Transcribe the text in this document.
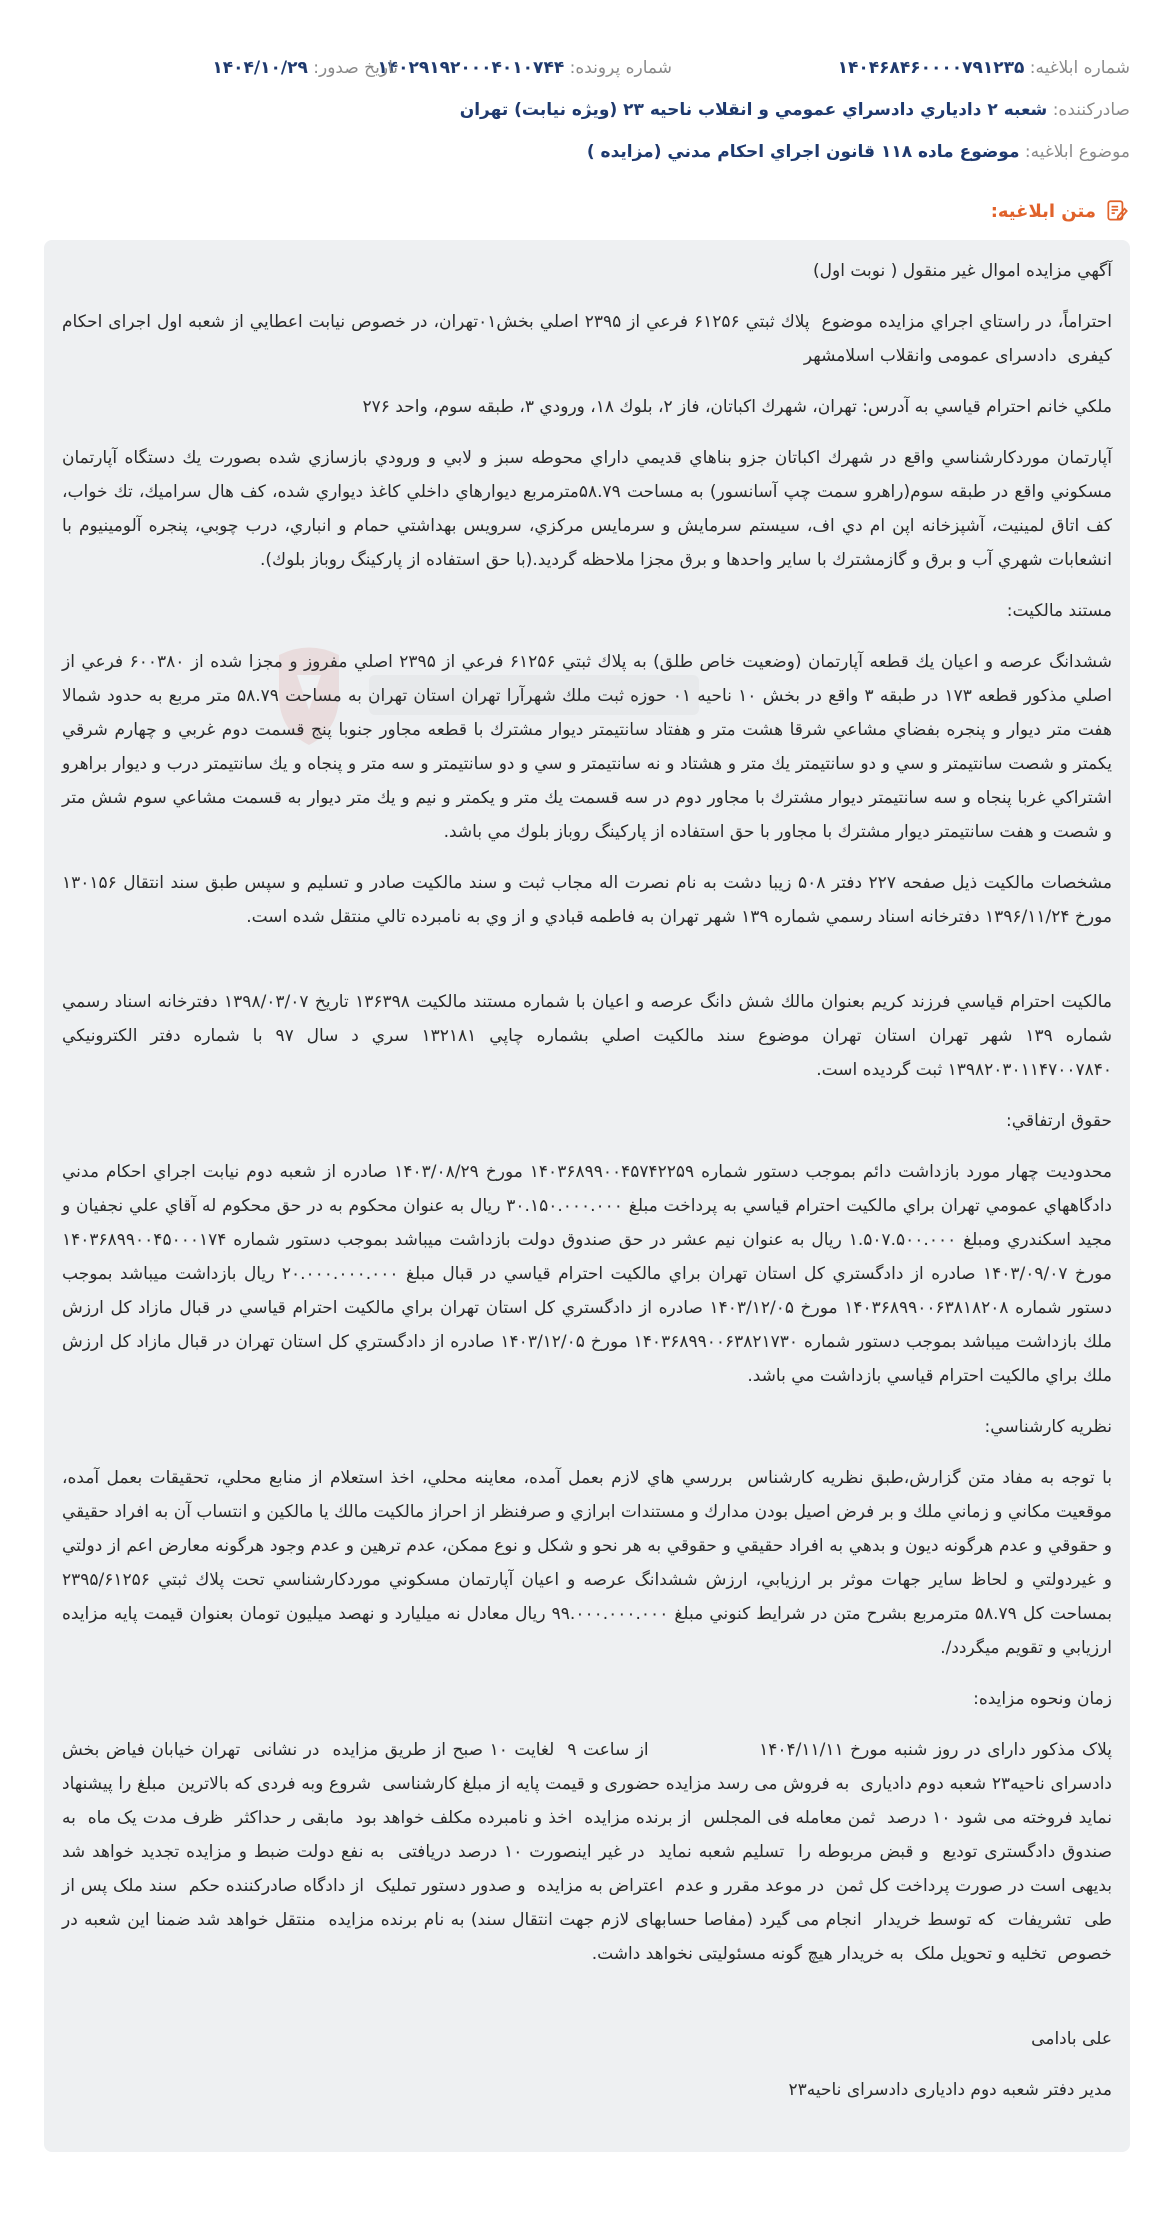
شماره ابلاغيه: ۱۴۰۴۶۸۴۶۰۰۰۰۷۹۱۲۳۵
شماره پرونده: ۱۴۰۲۹۱۹۲۰۰۰۴۰۱۰۷۴۴
تاریخ صدور: ۱۴۰۴/۱۰/۲۹
صادرکننده: شعبه ۲ دادياري دادسراي عمومي و انقلاب ناحيه ۲۳ (ويژه نيابت) تهران
موضوع ابلاغیه: موضوع ماده ۱۱۸ قانون اجراي احكام مدني (مزايده )
متن ابلاغیه:

آگهي مزايده اموال غير منقول ( نوبت اول)

احتراماً، در راستاي اجراي مزايده موضوع  پلاك ثبتي ۶۱۲۵۶ فرعي از ۲۳۹۵ اصلي بخش۰۱تهران، در خصوص نيابت اعطايي از شعبه اول اجرای احکام کيفری  دادسرای عمومی وانقلاب اسلامشهر

ملكي خانم احترام قياسي به آدرس: تهران، شهرك اكباتان، فاز ۲، بلوك ۱۸، ورودي ۳، طبقه سوم، واحد ۲۷۶

آپارتمان موردكارشناسي واقع در شهرك اكباتان جزو بناهاي قديمي داراي محوطه سبز و لابي و ورودي بازسازي شده بصورت يك دستگاه آپارتمان مسكوني واقع در طبقه سوم(راهرو سمت چپ آسانسور) به مساحت ۵۸.۷۹مترمربع ديوارهاي داخلي كاغذ ديواري شده، كف هال سراميك، تك خواب، كف اتاق لمينيت، آشپزخانه اپن ام دي اف، سيستم سرمايش و سرمايس مركزي، سرويس بهداشتي حمام و انباري، درب چوبي، پنجره آلومينيوم با انشعابات شهري آب و برق و گازمشترك با ساير واحدها و برق مجزا ملاحظه گرديد.(با حق استفاده از پاركينگ روباز بلوك).

مستند مالكيت:

ششدانگ عرصه و اعيان يك قطعه آپارتمان (وضعيت خاص طلق) به پلاك ثبتي ۶۱۲۵۶ فرعي از ۲۳۹۵ اصلي مفروز و مجزا شده از ۶۰۰۳۸۰ فرعي از اصلي مذكور قطعه ۱۷۳ در طبقه ۳ واقع در بخش ۱۰ ناحيه ۰۱ حوزه ثبت ملك شهرآرا تهران استان تهران به مساحت ۵۸.۷۹ متر مربع به حدود شمالا هفت متر ديوار و پنجره بفضاي مشاعي شرقا هشت متر و هفتاد سانتيمتر ديوار مشترك با قطعه مجاور جنوبا پنج قسمت دوم غربي و چهارم شرقي يكمتر و شصت سانتيمتر و سي و دو سانتيمتر يك متر و هشتاد و نه سانتيمتر و سي و دو سانتيمتر و سه متر و پنجاه و يك سانتيمتر درب و ديوار براهرو اشتراكي غربا پنجاه و سه سانتيمتر ديوار مشترك با مجاور دوم در سه قسمت يك متر و يكمتر و نيم و يك متر ديوار به قسمت مشاعي سوم شش متر و شصت و هفت سانتيمتر ديوار مشترك با مجاور با حق استفاده از پاركينگ روباز بلوك مي باشد.

مشخصات مالكيت ذيل صفحه ۲۲۷ دفتر ۵۰۸ زيبا دشت به نام نصرت اله مجاب ثبت و سند مالكيت صادر و تسليم و سپس طبق سند انتقال ۱۳۰۱۵۶ مورخ ۱۳۹۶/۱۱/۲۴ دفترخانه اسناد رسمي شماره ۱۳۹ شهر تهران به فاطمه قبادي و از وي به نامبرده تالي منتقل شده است.

مالكيت احترام قياسي فرزند كريم بعنوان مالك شش دانگ عرصه و اعيان با شماره مستند مالكيت ۱۳۶۳۹۸ تاريخ ۱۳۹۸/۰۳/۰۷ دفترخانه اسناد رسمي شماره ۱۳۹ شهر تهران استان تهران موضوع سند مالكيت اصلي بشماره چاپي ۱۳۲۱۸۱ سري د سال ۹۷ با شماره دفتر الكترونيكي ۱۳۹۸۲۰۳۰۱۱۴۷۰۰۷۸۴۰ ثبت گرديده است.

حقوق ارتفاقي:

محدوديت چهار مورد بازداشت دائم بموجب دستور شماره ۱۴۰۳۶۸۹۹۰۰۴۵۷۴۲۲۵۹ مورخ ۱۴۰۳/۰۸/۲۹ صادره از شعبه دوم نيابت اجراي احكام مدني دادگاههاي عمومي تهران براي مالكيت احترام قياسي به پرداخت مبلغ ۳۰.۱۵۰.۰۰۰.۰۰۰ ريال به عنوان محكوم به در حق محكوم له آقاي علي نجفيان و مجيد اسكندري ومبلغ ۱.۵۰۷.۵۰۰.۰۰۰ ريال به عنوان نيم عشر در حق صندوق دولت بازداشت ميباشد بموجب دستور شماره ۱۴۰۳۶۸۹۹۰۰۴۵۰۰۰۱۷۴ مورخ ۱۴۰۳/۰۹/۰۷ صادره از دادگستري كل استان تهران براي مالكيت احترام قياسي در قبال مبلغ ۲۰.۰۰۰.۰۰۰.۰۰۰ ريال بازداشت ميباشد بموجب دستور شماره ۱۴۰۳۶۸۹۹۰۰۶۳۸۱۸۲۰۸ مورخ ۱۴۰۳/۱۲/۰۵ صادره از دادگستري كل استان تهران براي مالكيت احترام قياسي در قبال مازاد كل ارزش ملك بازداشت ميباشد بموجب دستور شماره ۱۴۰۳۶۸۹۹۰۰۶۳۸۲۱۷۳۰ مورخ ۱۴۰۳/۱۲/۰۵ صادره از دادگستري كل استان تهران در قبال مازاد كل ارزش ملك براي مالكيت احترام قياسي بازداشت مي باشد.

نظريه كارشناسي:

با توجه به مفاد متن گزارش،طبق نظريه كارشناس  بررسي هاي لازم بعمل آمده، معاينه محلي، اخذ استعلام از منابع محلي، تحقيقات بعمل آمده، موقعيت مكاني و زماني ملك و بر فرض اصيل بودن مدارك و مستندات ابرازي و صرفنظر از احراز مالكيت مالك يا مالكين و انتساب آن به افراد حقيقي و حقوقي و عدم هرگونه ديون و بدهي به افراد حقيقي و حقوقي به هر نحو و شكل و نوع ممكن، عدم ترهين و عدم وجود هرگونه معارض اعم از دولتي و غيردولتي و لحاظ ساير جهات موثر بر ارزيابي، ارزش ششدانگ عرصه و اعيان آپارتمان مسكوني موردكارشناسي تحت پلاك ثبتي ۲۳۹۵/۶۱۲۵۶ بمساحت كل ۵۸.۷۹ مترمربع بشرح متن در شرايط كنوني مبلغ ۹۹.۰۰۰.۰۰۰.۰۰۰ ريال معادل نه ميليارد و نهصد ميليون تومان بعنوان قيمت پايه مزايده ارزيابي و تقويم ميگردد/.

زمان ونحوه مزايده:

پلاک مذکور دارای در روز شنبه مورخ ۱۴۰۴/۱۱/۱۱                 از ساعت ۹  لغایت ۱۰ صبح از طریق مزایده  در نشانی  تهران خیابان فیاض بخش  دادسرای ناحیه۲۳ شعبه دوم دادیاری  به فروش می رسد مزایده حضوری و قیمت پایه از مبلغ کارشناسی  شروع وبه فردی که بالاترین  مبلغ را پیشنهاد نماید فروخته می شود ۱۰ درصد  ثمن معامله فی المجلس  از برنده مزایده  اخذ و نامبرده مکلف خواهد بود  مابقی ر حداکثر  ظرف مدت یک ماه  به صندوق دادگستری تودیع  و قبض مربوطه را  تسلیم شعبه نماید  در غیر اینصورت ۱۰ درصد دریافتی  به نفع دولت ضبط و مزایده تجدید خواهد شد  بدیهی است در صورت پرداخت کل ثمن  در موعد مقرر و عدم  اعتراض به مزایده  و صدور دستور تملیک  از دادگاه صادرکننده حکم  سند ملک پس از طی  تشریفات  که توسط خریدار  انجام می گیرد (مفاصا حسابهای لازم جهت انتقال سند) به نام برنده مزایده  منتقل خواهد شد ضمنا این شعبه در خصوص  تخلیه و تحویل ملک  به خریدار هیچ گونه مسئولیتی نخواهد داشت.

علی بادامی

مدیر دفتر شعبه دوم دادیاری دادسرای ناحیه۲۳
